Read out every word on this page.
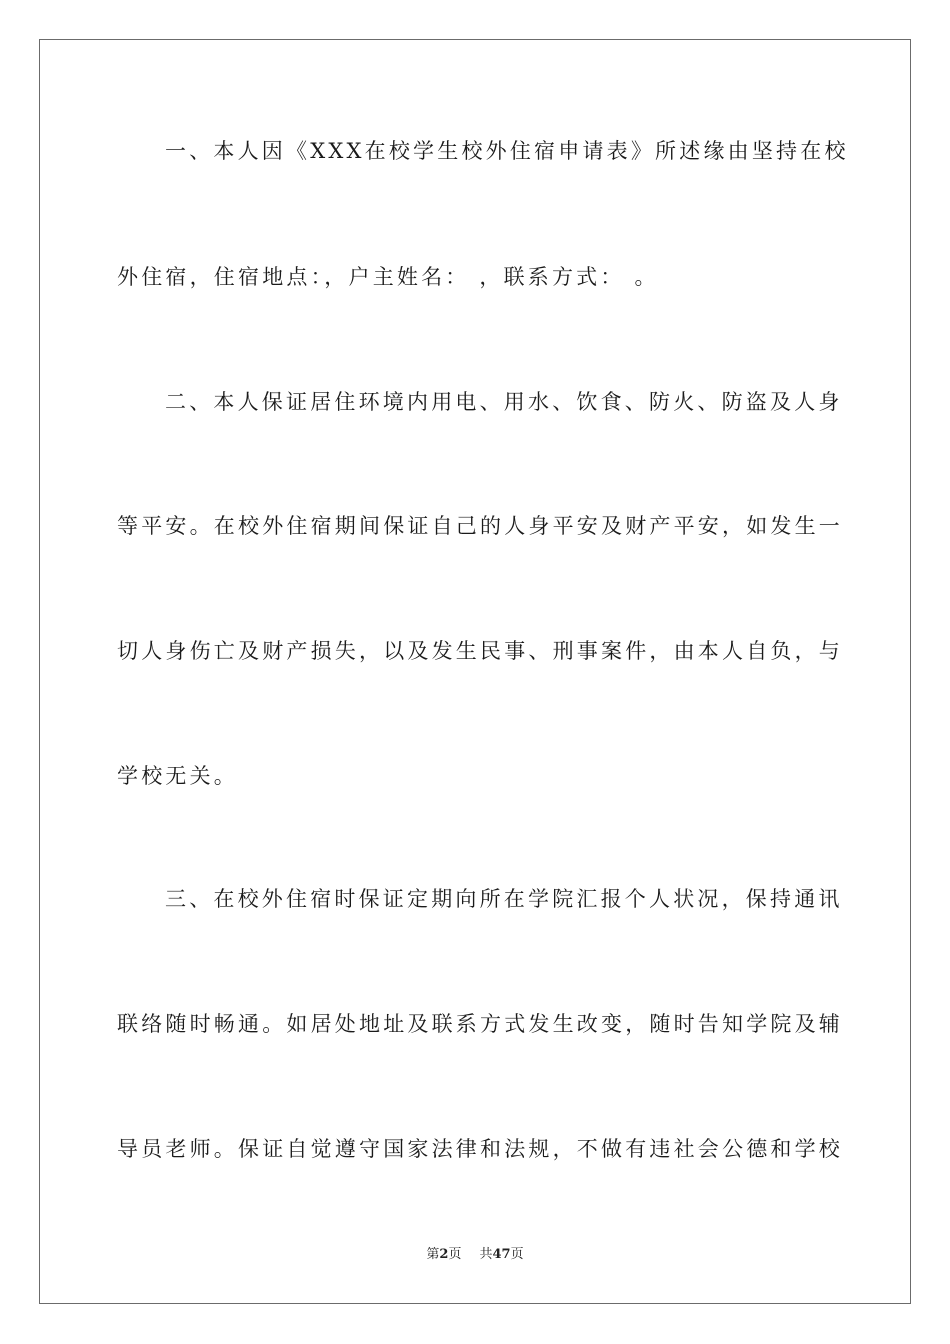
一、本人因《XXX在校学生校外住宿申请表》所述缘由坚持在校
外住宿，住宿地点：，户主姓名： ，联系方式： 。
二、本人保证居住环境内用电、用水、饮食、防火、防盗及人身
等平安。在校外住宿期间保证自己的人身平安及财产平安，如发生一
切人身伤亡及财产损失，以及发生民事、刑事案件，由本人自负，与
学校无关。
三、在校外住宿时保证定期向所在学院汇报个人状况，保持通讯
联络随时畅通。如居处地址及联系方式发生改变，随时告知学院及辅
导员老师。保证自觉遵守国家法律和法规，不做有违社会公德和学校
第2页 共47页
